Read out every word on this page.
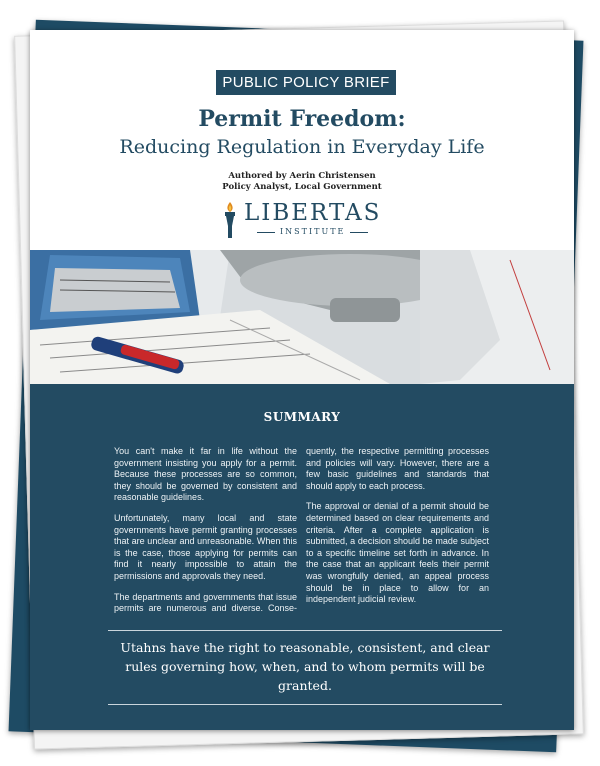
PUBLIC POLICY BRIEF
Permit Freedom:
Reducing Regulation in Everyday Life
Authored by Aerin Christensen
Policy Analyst, Local Government
LIBERTAS
INSTITUTE
SUMMARY

You can't make it far in life without the government insisting you apply for a permit. Because these processes are so common, they should be governed by consistent and reasonable guidelines.

Unfortunately, many local and state governments have permit granting processes that are unclear and unreasonable. When this is the case, those applying for permits can find it nearly impossible to attain the permissions and approvals they need.

The departments and governments that issue permits are numerous and diverse. Conse-

quently, the respective permitting processes and policies will vary. However, there are a few basic guidelines and standards that should apply to each process.

The approval or denial of a permit should be determined based on clear requirements and criteria. After a complete application is submitted, a decision should be made subject to a specific timeline set forth in advance. In the case that an applicant feels their permit was wrongfully denied, an appeal process should be in place to allow for an independent judicial review.

Utahns have the right to reasonable, consistent, and clear rules governing how, when, and to whom permits will be granted.
